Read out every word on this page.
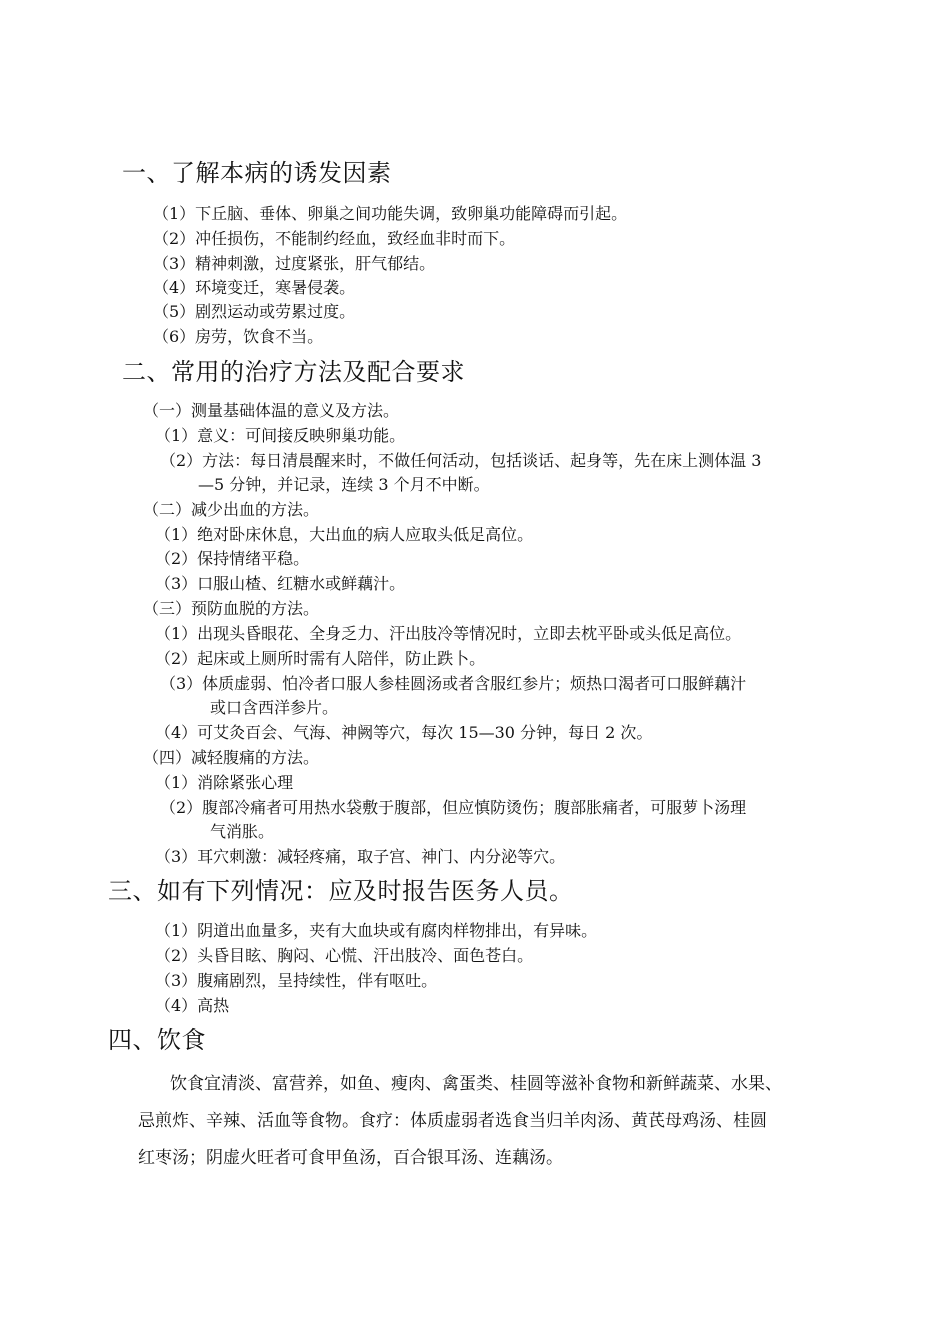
一、了解本病的诱发因素
（1）下丘脑、垂体、卵巢之间功能失调，致卵巢功能障碍而引起。
（2）冲任损伤，不能制约经血，致经血非时而下。
（3）精神刺激，过度紧张，肝气郁结。
（4）环境变迁，寒暑侵袭。
（5）剧烈运动或劳累过度。
（6）房劳，饮食不当。
二、常用的治疗方法及配合要求
（一）测量基础体温的意义及方法。
（1）意义：可间接反映卵巢功能。
（2）方法：每日清晨醒来时，不做任何活动，包括谈话、起身等，先在床上测体温 3
—5 分钟，并记录，连续 3 个月不中断。
（二）减少出血的方法。
（1）绝对卧床休息，大出血的病人应取头低足高位。
（2）保持情绪平稳。
（3）口服山楂、红糖水或鲜藕汁。
（三）预防血脱的方法。
（1）出现头昏眼花、全身乏力、汗出肢冷等情况时，立即去枕平卧或头低足高位。
（2）起床或上厕所时需有人陪伴，防止跌卜。
（3）体质虚弱、怕冷者口服人参桂圆汤或者含服红参片；烦热口渴者可口服鲜藕汁
或口含西洋参片。
（4）可艾灸百会、气海、神阙等穴，每次 15—30 分钟，每日 2 次。
（四）减轻腹痛的方法。
（1）消除紧张心理
（2）腹部冷痛者可用热水袋敷于腹部，但应慎防烫伤；腹部胀痛者，可服萝卜汤理
气消胀。
（3）耳穴刺激：减轻疼痛，取子宫、神门、内分泌等穴。
三、如有下列情况：应及时报告医务人员。
（1）阴道出血量多，夹有大血块或有腐肉样物排出，有异味。
（2）头昏目眩、胸闷、心慌、汗出肢冷、面色苍白。
（3）腹痛剧烈，呈持续性，伴有呕吐。
（4）高热
四、饮食
饮食宜清淡、富营养，如鱼、瘦肉、禽蛋类、桂圆等滋补食物和新鲜蔬菜、水果、
忌煎炸、辛辣、活血等食物。食疗：体质虚弱者选食当归羊肉汤、黄芪母鸡汤、桂圆
红枣汤；阴虚火旺者可食甲鱼汤，百合银耳汤、连藕汤。
